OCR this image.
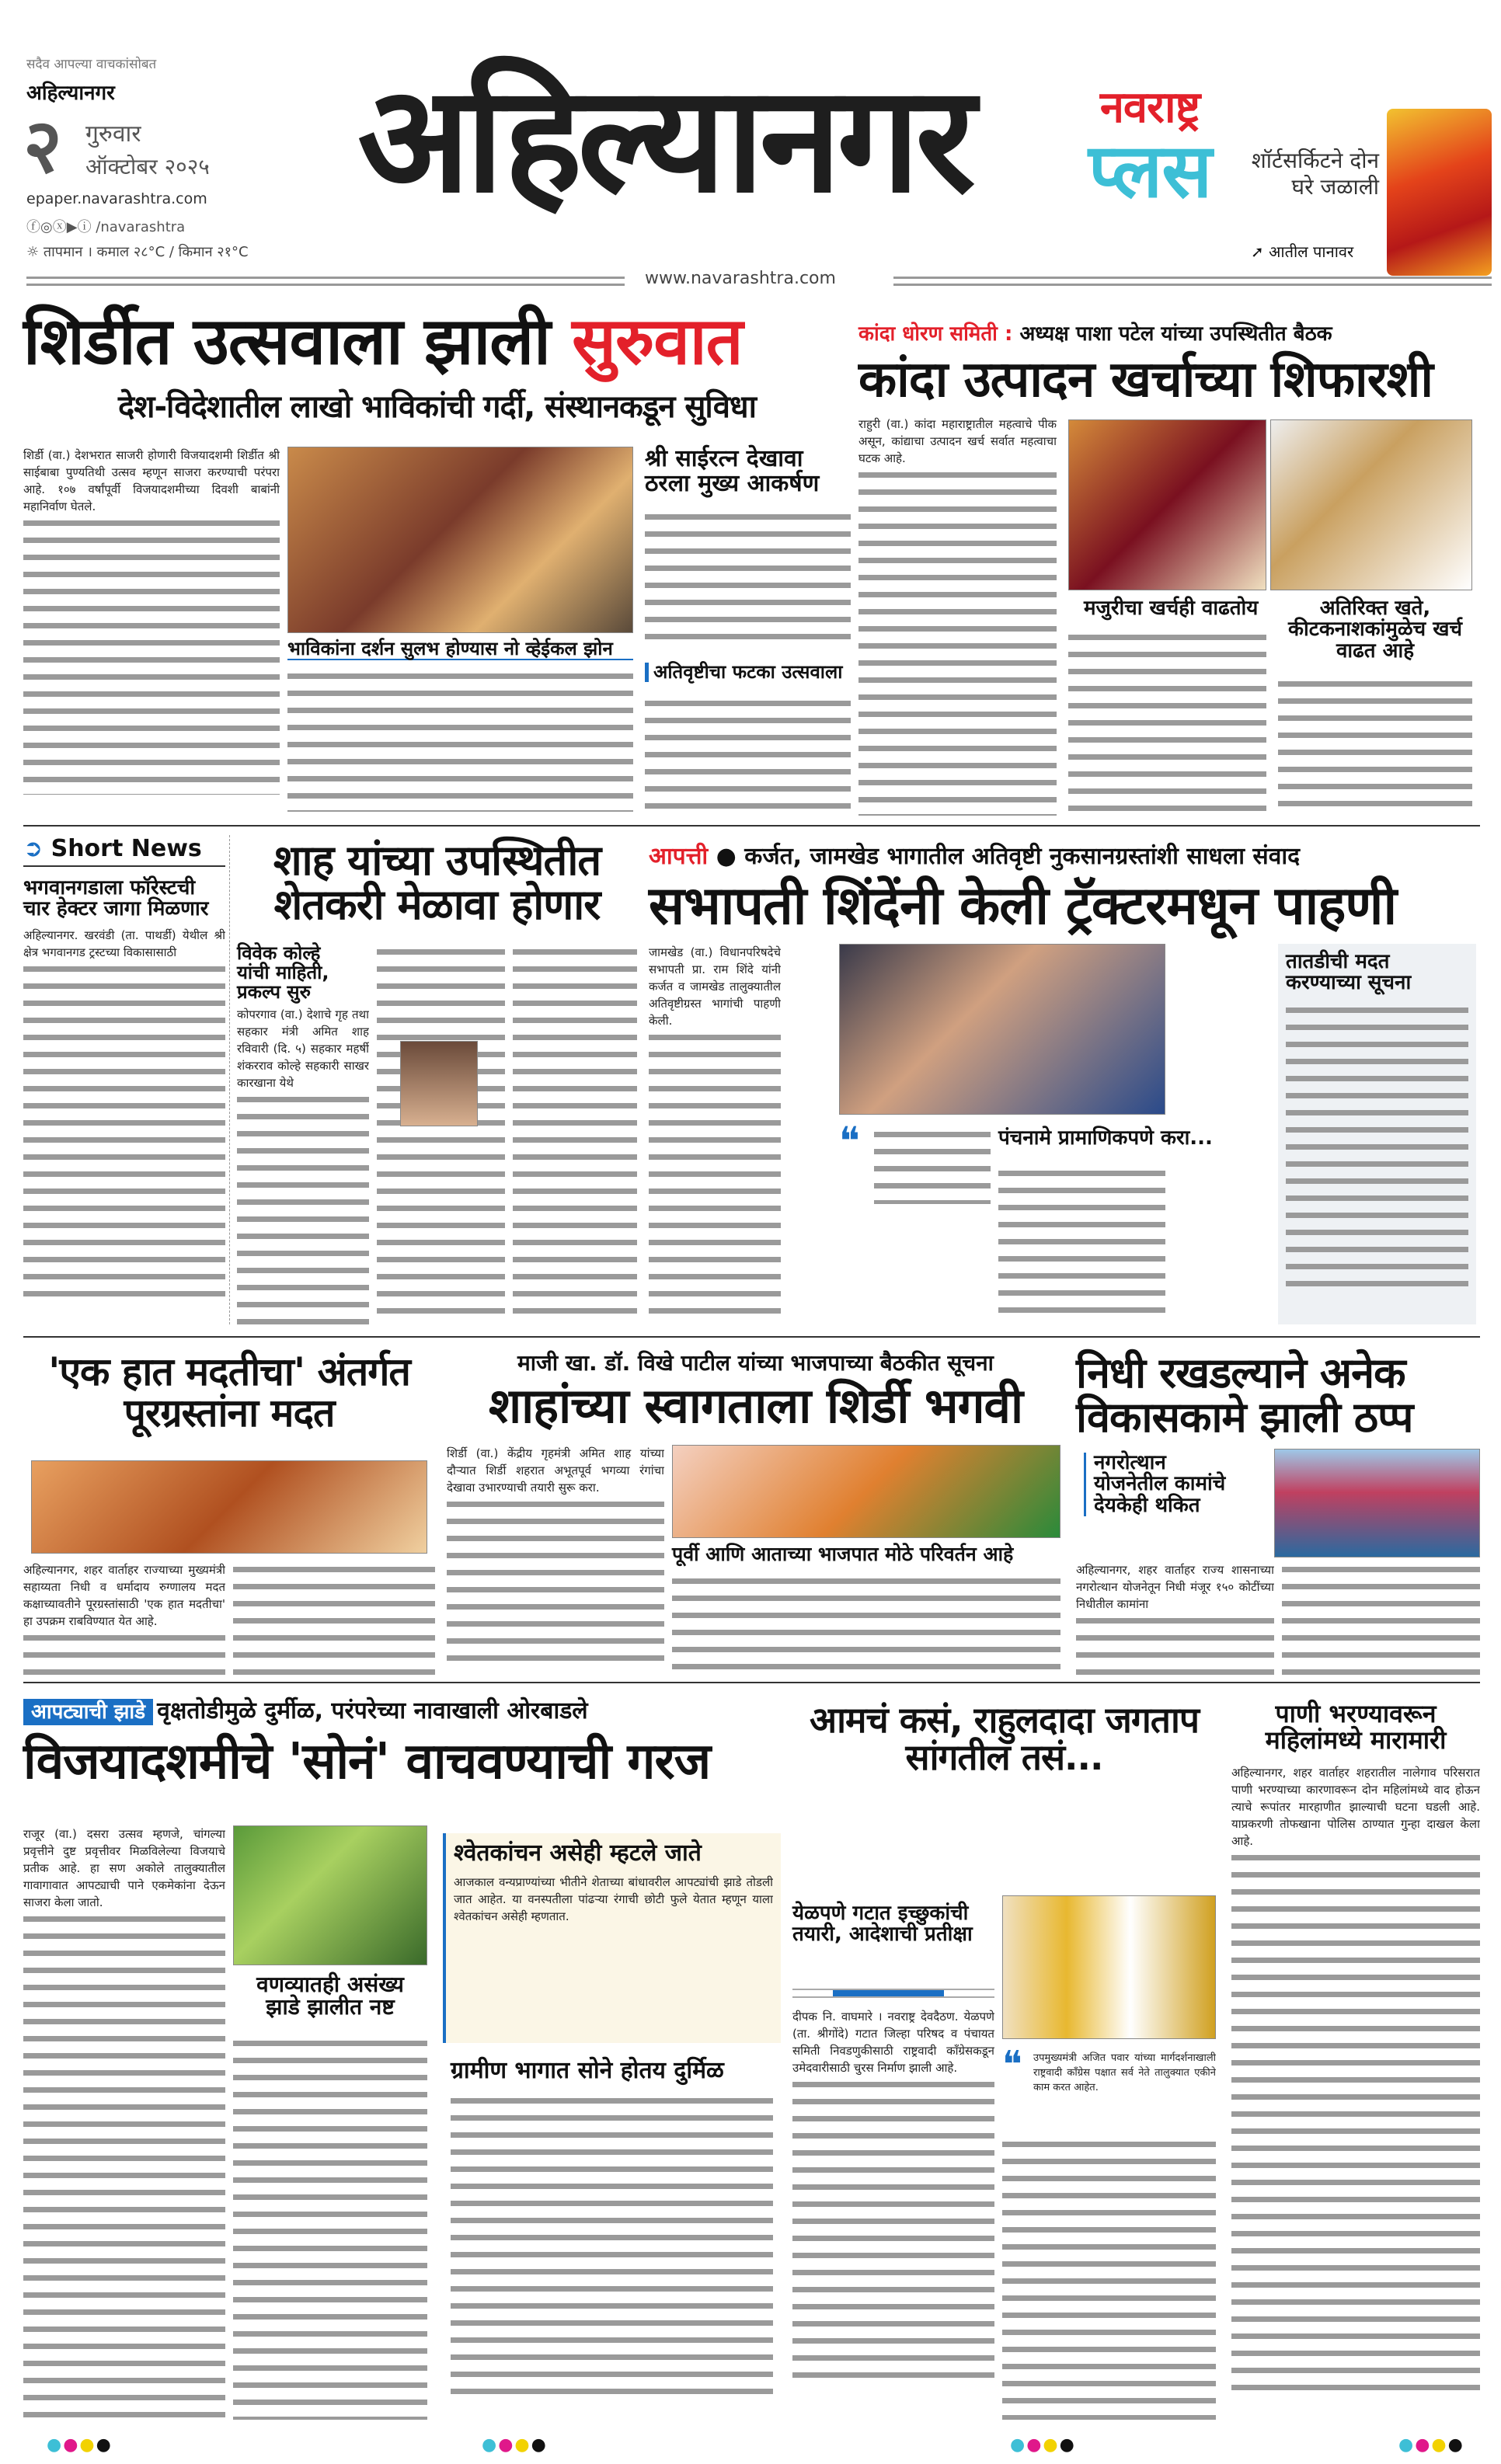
सदैव आपल्या वाचकांसोबत
अहिल्यानगर
२ गुरुवार
ऑक्टोबर २०२५
epaper.navarashtra.com
ⓕ◎ⓧ▶ⓘ /navarashtra
☼ तापमान । कमाल २८°C / किमान २१°C
अहिल्यानगर	नवराष्ट्र
प्लस	शॉर्टसर्किटने दोन घरे जळाली
➚ आतील पानावर
www.navarashtra.com
शिर्डीत उत्सवाला झाली सुरुवात
देश-विदेशातील लाखो भाविकांची गर्दी, संस्थानकडून सुविधा

शिर्डी (वा.) देशभरात साजरी होणारी विजयादशमी शिर्डीत श्री साईबाबा पुण्यतिथी उत्सव म्हणून साजरा करण्याची परंपरा आहे. १०७ वर्षांपूर्वी विजयादशमीच्या दिवशी बाबांनी महानिर्वाण घेतले.

श्री साईरत्न देखावा ठरला मुख्य आकर्षण
भाविकांना दर्शन सुलभ होण्यास नो व्हेईकल झोन
अतिवृष्टीचा फटका उत्सवाला
कांदा धोरण समिती : अध्यक्ष पाशा पटेल यांच्या उपस्थितीत बैठक
कांदा उत्पादन खर्चाच्या शिफारशी

राहुरी (वा.) कांदा महाराष्ट्रातील महत्वाचे पीक असून, कांद्याचा उत्पादन खर्च सर्वात महत्वाचा घटक आहे.

मजुरीचा खर्चही वाढतोय	अतिरिक्त खते, कीटकनाशकांमुळेच खर्च वाढत आहे
➲ Short News
भगवानगडाला फॉरेस्टची चार हेक्टर जागा मिळणार

अहिल्यानगर. खरवंडी (ता. पाथर्डी) येथील श्री क्षेत्र भगवानगड ट्रस्टच्या विकासासाठी

शाह यांच्या उपस्थितीत शेतकरी मेळावा होणार
विवेक कोल्हे यांची माहिती, प्रकल्प सुरु

कोपरगाव (वा.) देशाचे गृह तथा सहकार मंत्री अमित शाह रविवारी (दि. ५) सहकार महर्षी शंकरराव कोल्हे सहकारी साखर कारखाना येथे

आपत्ती ● कर्जत, जामखेड भागातील अतिवृष्टी नुकसानग्रस्तांशी साधला संवाद
सभापती शिंदेंनी केली ट्रॅक्टरमधून पाहणी

जामखेड (वा.) विधानपरिषदेचे सभापती प्रा. राम शिंदे यांनी कर्जत व जामखेड तालुक्यातील अतिवृष्टीग्रस्त भागांची पाहणी केली.

❝	पंचनामे प्रामाणिकपणे करा...
तातडीची मदत करण्याच्या सूचना
'एक हात मदतीचा' अंतर्गत पूरग्रस्तांना मदत

अहिल्यानगर, शहर वार्ताहर राज्याच्या मुख्यमंत्री सहाय्यता निधी व धर्मादाय रुग्णालय मदत कक्षाच्यावतीने पूरग्रस्तांसाठी 'एक हात मदतीचा' हा उपक्रम राबविण्यात येत आहे.

माजी खा. डॉ. विखे पाटील यांच्या भाजपाच्या बैठकीत सूचना
शाहांच्या स्वागताला शिर्डी भगवी

शिर्डी (वा.) केंद्रीय गृहमंत्री अमित शाह यांच्या दौऱ्यात शिर्डी शहरात अभूतपूर्व भगव्या रंगांचा देखावा उभारण्याची तयारी सुरू करा.

पूर्वी आणि आताच्या भाजपात मोठे परिवर्तन आहे
निधी रखडल्याने अनेक विकासकामे झाली ठप्प
नगरोत्थान योजनेतील कामांचे देयकेही थकित

अहिल्यानगर, शहर वार्ताहर राज्य शासनाच्या नगरोत्थान योजनेतून निधी मंजूर १५० कोटींच्या निधीतील कामांना

आपट्याची झाडे वृक्षतोडीमुळे दुर्मीळ, परंपरेच्या नावाखाली ओरबाडले
विजयादशमीचे 'सोनं' वाचवण्याची गरज

राजूर (वा.) दसरा उत्सव म्हणजे, चांगल्या प्रवृत्तीने दुष्ट प्रवृत्तीवर मिळविलेल्या विजयाचे प्रतीक आहे. हा सण अकोले तालुक्यातील गावागावात आपट्याची पाने एकमेकांना देऊन साजरा केला जातो.

वणव्यातही असंख्य झाडे झालीत नष्ट
श्वेतकांचन असेही म्हटले जाते
आजकाल वन्यप्राण्यांच्या भीतीने शेताच्या बांधावरील आपट्यांची झाडे तोडली जात आहेत. या वनस्पतीला पांढऱ्या रंगाची छोटी फुले येतात म्हणून याला श्वेतकांचन असेही म्हणतात.
ग्रामीण भागात सोने होतय दुर्मिळ
आमचं कसं, राहुलदादा जगताप सांगतील तसं...
येळपणे गटात इच्छुकांची तयारी, आदेशाची प्रतीक्षा

दीपक नि. वाघमारे । नवराष्ट्र देवदैठण. येळपणे (ता. श्रीगोंदे) गटात जिल्हा परिषद व पंचायत समिती निवडणुकीसाठी राष्ट्रवादी काँग्रेसकडून उमेदवारीसाठी चुरस निर्माण झाली आहे.	❝ उपमुख्यमंत्री अजित पवार यांच्या मार्गदर्शनाखाली राष्ट्रवादी काँग्रेस पक्षात सर्व नेते तालुक्यात एकीने काम करत आहेत.
पाणी भरण्यावरून महिलांमध्ये मारामारी

अहिल्यानगर, शहर वार्ताहर शहरातील नालेगाव परिसरात पाणी भरण्याच्या कारणावरून दोन महिलांमध्ये वाद होऊन त्याचे रूपांतर मारहाणीत झाल्याची घटना घडली आहे. याप्रकरणी तोफखाना पोलिस ठाण्यात गुन्हा दाखल केला आहे.

●●●●	●●●●	●●●●	●●●●
